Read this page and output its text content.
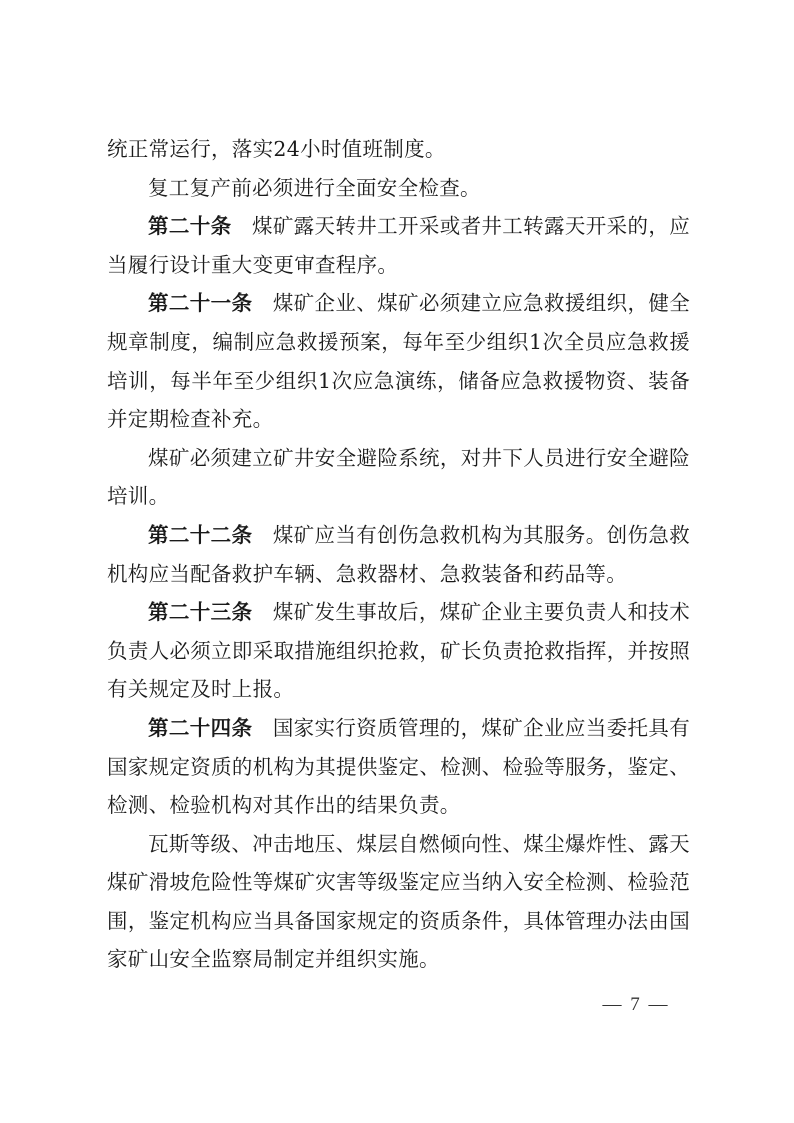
统正常运行，落实24小时值班制度。

复工复产前必须进行全面安全检查。

第二十条 煤矿露天转井工开采或者井工转露天开采的，应当履行设计重大变更审查程序。

第二十一条 煤矿企业、煤矿必须建立应急救援组织，健全规章制度，编制应急救援预案，每年至少组织1次全员应急救援培训，每半年至少组织1次应急演练，储备应急救援物资、装备并定期检查补充。

煤矿必须建立矿井安全避险系统，对井下人员进行安全避险培训。

第二十二条 煤矿应当有创伤急救机构为其服务。创伤急救机构应当配备救护车辆、急救器材、急救装备和药品等。

第二十三条 煤矿发生事故后，煤矿企业主要负责人和技术负责人必须立即采取措施组织抢救，矿长负责抢救指挥，并按照有关规定及时上报。

第二十四条 国家实行资质管理的，煤矿企业应当委托具有国家规定资质的机构为其提供鉴定、检测、检验等服务，鉴定、检测、检验机构对其作出的结果负责。

瓦斯等级、冲击地压、煤层自燃倾向性、煤尘爆炸性、露天煤矿滑坡危险性等煤矿灾害等级鉴定应当纳入安全检测、检验范围，鉴定机构应当具备国家规定的资质条件，具体管理办法由国家矿山安全监察局制定并组织实施。

— 7 —
